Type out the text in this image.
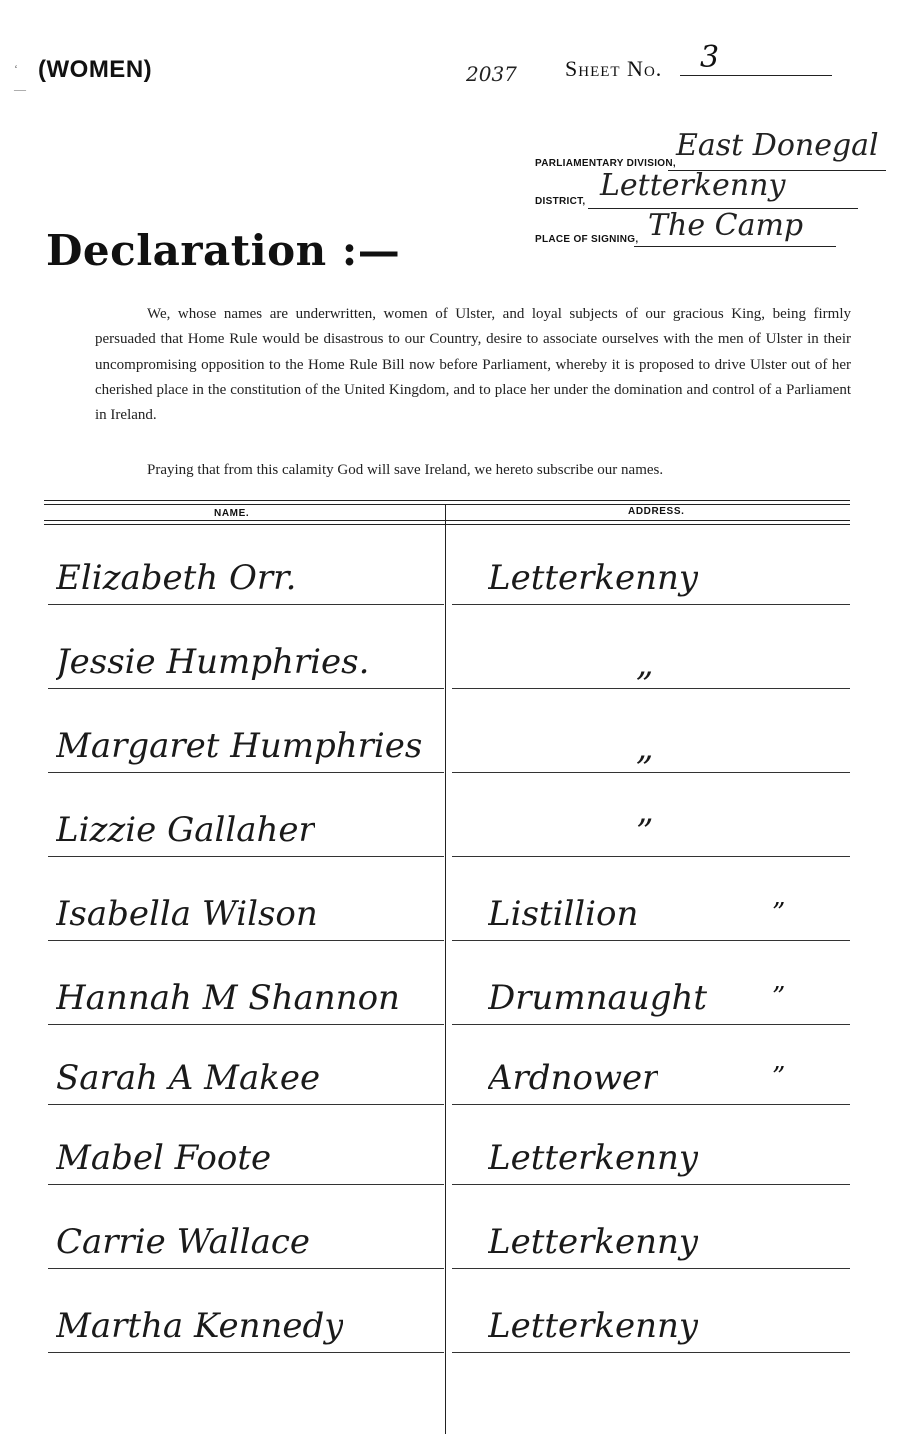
‘
—
(WOMEN)	2037 Sheet No. 3
PARLIAMENTARY DIVISION,
East Donegal
DISTRICT, Letterkenny
PLACE OF SIGNING, The Camp
Declaration :—
We, whose names are underwritten, women of Ulster, and loyal subjects of our gracious King, being firmly persuaded that Home Rule would be disastrous to our Country, desire to associate ourselves with the men of Ulster in their uncompromising opposition to the Home Rule Bill now before Parliament, whereby it is proposed to drive Ulster out of her cherished place in the constitution of the United Kingdom, and to place her under the domination and control of a Parliament in Ireland.
Praying that from this calamity God will save Ireland, we hereto subscribe our names.
NAME.	ADDRESS.
Elizabeth Orr.	Letterkenny
Jessie Humphries.	„
Margaret Humphries	„
Lizzie Gallaher	”
Isabella Wilson	Listillion	”
Hannah M Shannon	Drumnaught ”
Sarah A Makee	Ardnower	”
Mabel Foote	Letterkenny
Carrie Wallace	Letterkenny
Martha Kennedy	Letterkenny
